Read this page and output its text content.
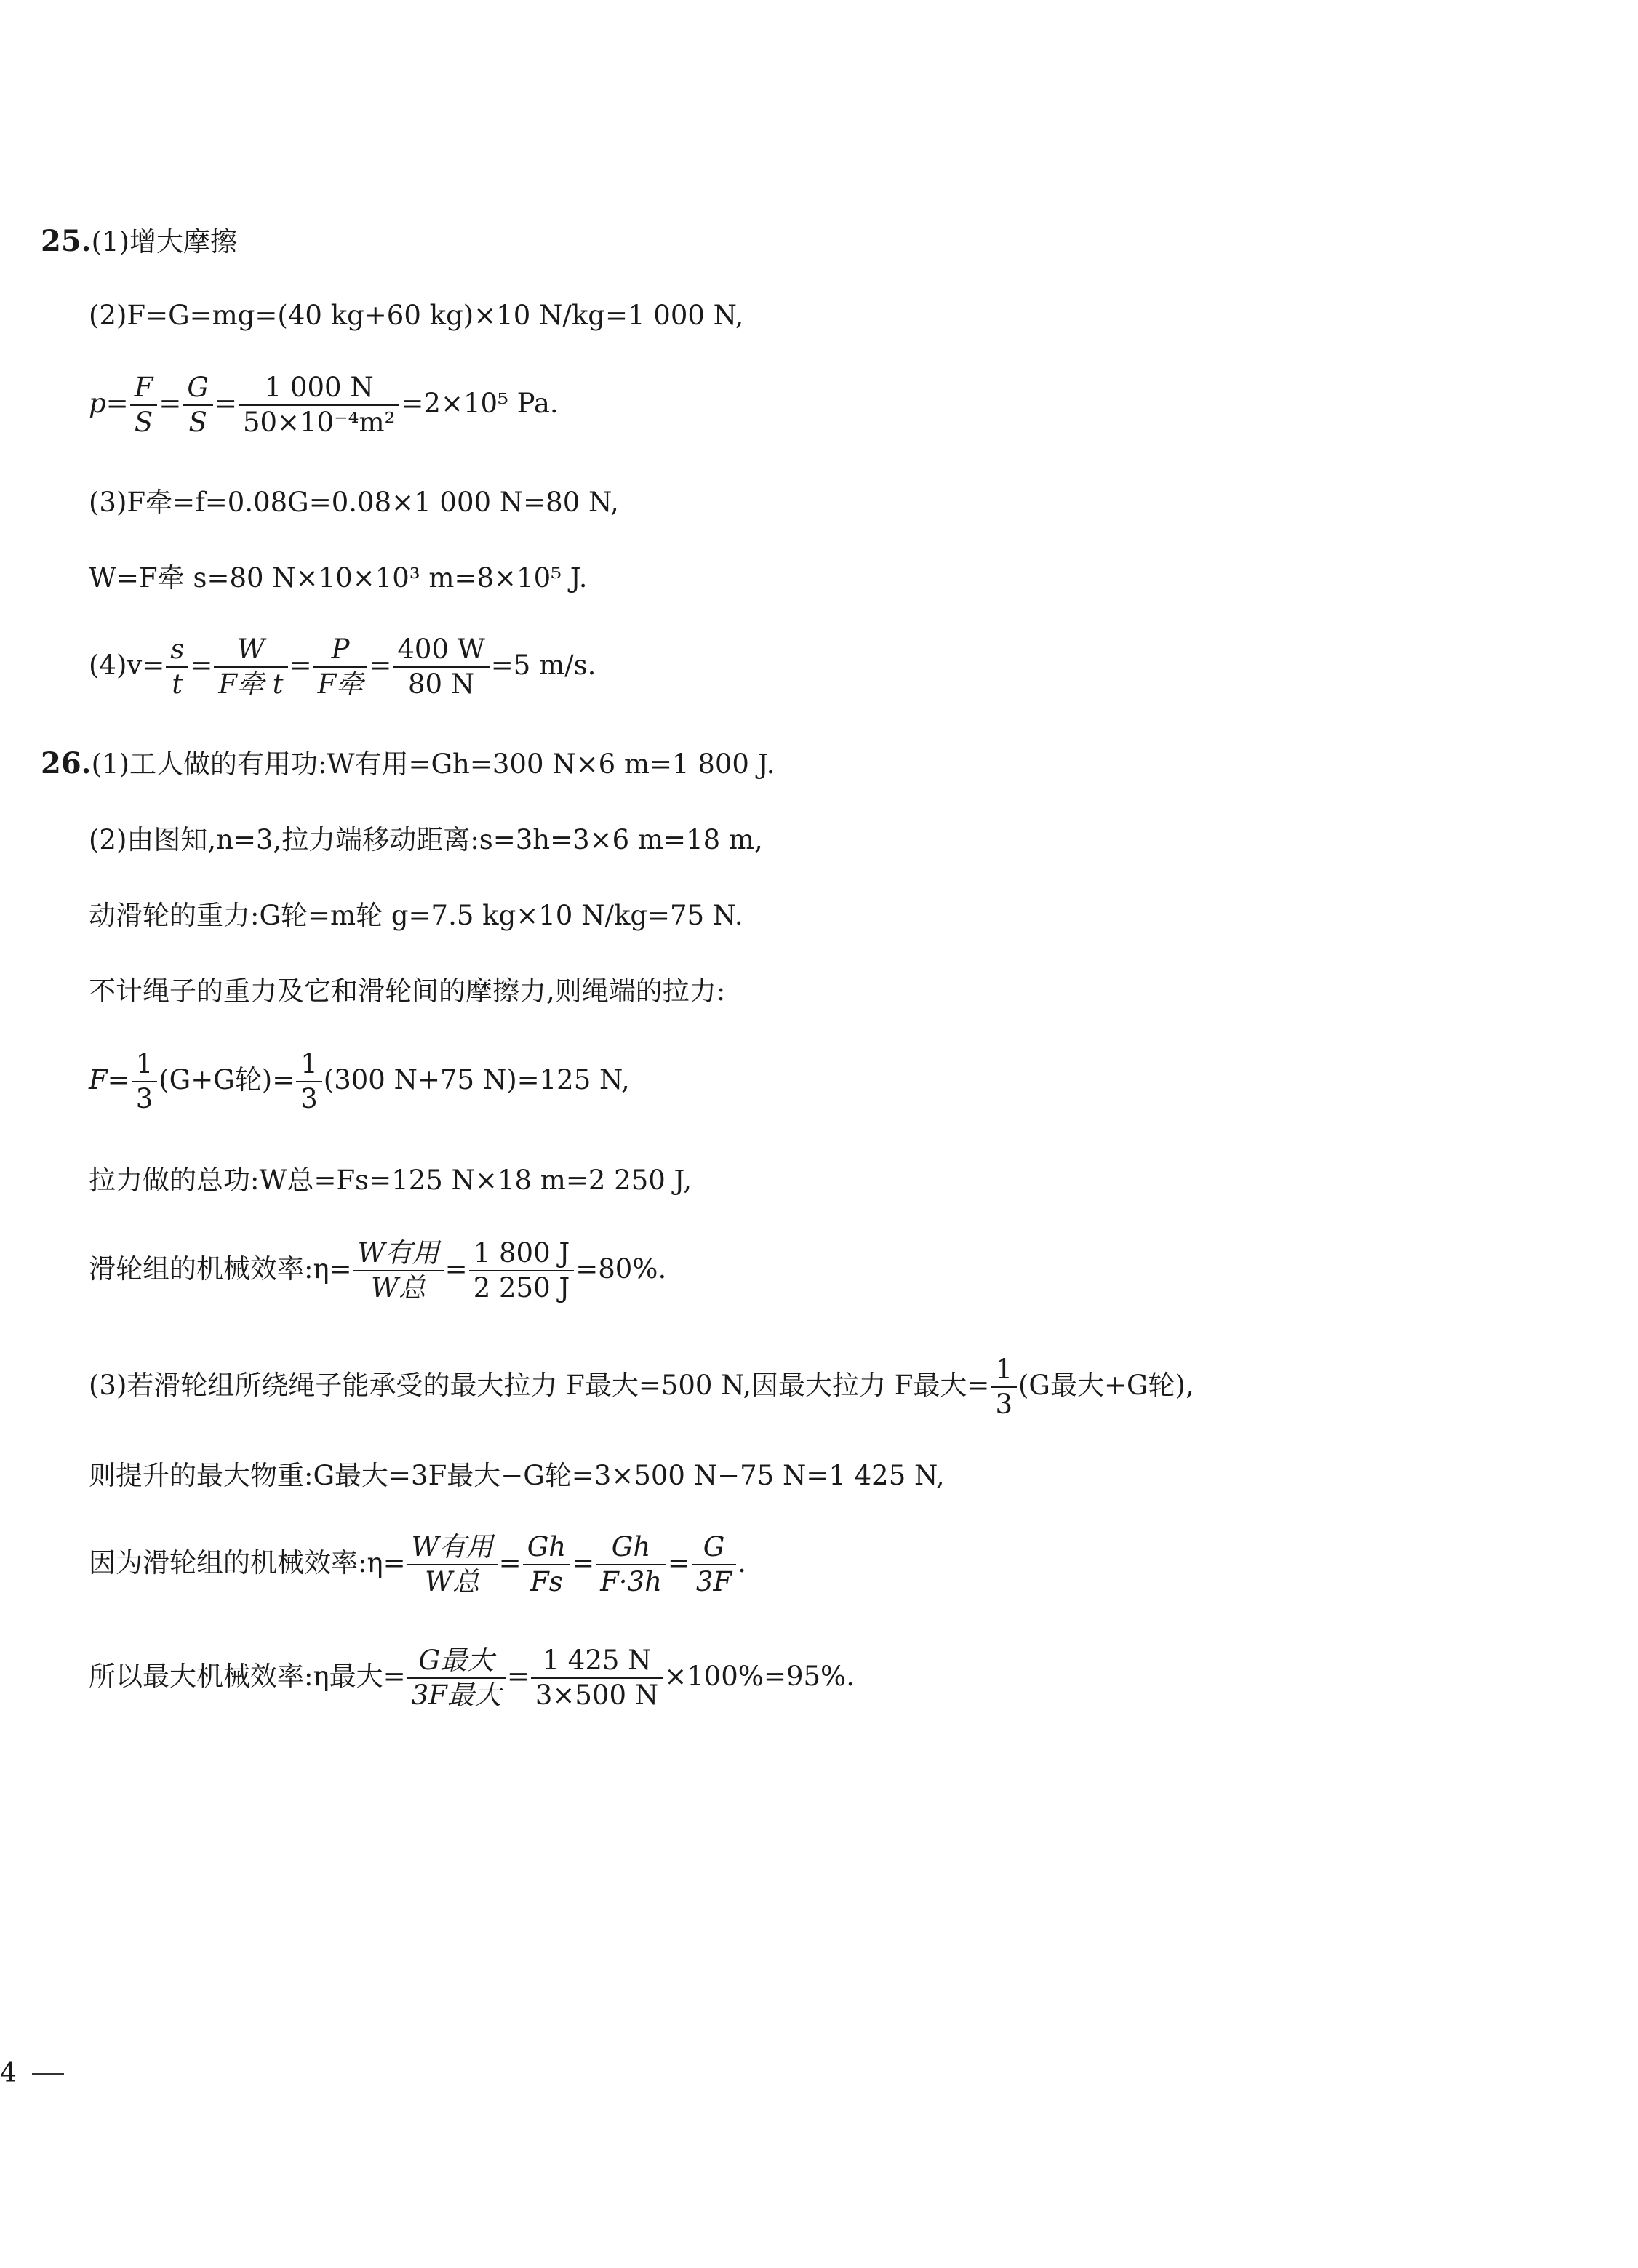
25.(1)增大摩擦
(2)F=G=mg=(40 kg+60 kg)×10 N/kg=1 000 N,
$p= \frac{F}{S} = \frac{G}{S} = \frac{1 000 N}{\text{50×10⁻⁴m²}} =2\times 10^5$ Pa.
(3)F牵=f=0.08G=0.08×1 000 N=80 N,
W=F牵 s=80 N×10×10³ m=8×10⁵ J.
$(4)v= \frac{s}{t} = \frac{W}{\text{F牵 t}} = \frac{P}{\text{F牵}} = \frac{400 W}{80 N} =5$ m/s.
26.(1)工人做的有用功:W有用=Gh=300 N×6 m=1 800 J.
(2)由图知,n=3,拉力端移动距离:s=3h=3×6 m=18 m,
动滑轮的重力:G轮=m轮 g=7.5 kg×10 N/kg=75 N.
不计绳子的重力及它和滑轮间的摩擦力,则绳端的拉力:
$F= \frac{1}{3} (G+G$轮)= $\frac{1}{3} (300$ N+75 N)=125 N,
拉力做的总功:W总=Fs=125 N×18 m=2 250 J,
滑轮组的机械效率:η= $\frac{\text{W有用}}{\text{W总}} = \frac{1 800 J}{2 250 J} =80\%$.
(3)若滑轮组所绕绳子能承受的最大拉力 F最大=500 N,因最大拉力 F最大= $\frac{1}{3} (G$最大+G轮),
则提升的最大物重:G最大=3F最大−G轮=3×500 N−75 N=1 425 N,
因为滑轮组的机械效率:η= $\frac{\text{W有用}}{\text{W总}} = \frac{Gh}{Fs} = \frac{Gh}{F\cdot 3h} = \frac{G}{3F}$ .
所以最大机械效率:η最大= $\frac{\text{G最大}}{\text{3F最大}} = \frac{1 425 N}{3\times 500 N} \times 100\%=95\%$.
4
